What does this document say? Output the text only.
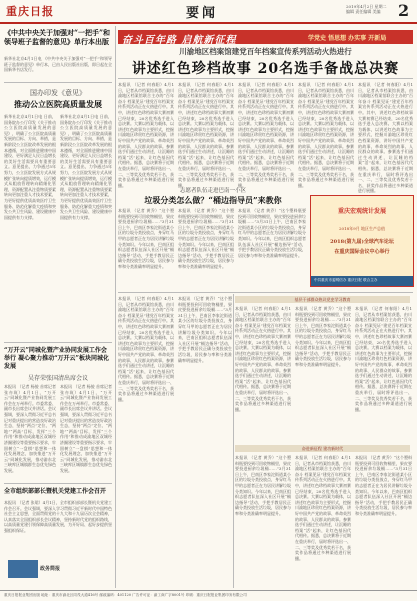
重庆日报	要闻	2019年4月2日 星期二
编辑 责任编辑 美编	2
《中共中央关于加强对“一把手”和领导班子监督的意见》单行本出版
新华社北京4月1日电 《中共中央关于加强对“一把手”和领导班子监督的意见》单行本，已由人民出版社出版，即日起在全国新华书店发行。
国办印发《意见》
推动公立医院高质量发展
新华社北京4月1日电 日前，国务院办公厅印发《关于推动公立医院高质量发展的意见》，明确了公立医院高质量发展的目标、方向、举措，是新阶段公立医院改革发展的根本遵循，对全面推进健康中国建设、更好满足人民日益增长的美好生活需要具有重要意义。意见提出，力争通过5年努力，公立医院发展方式从规模扩张转向提质增效，运行模式从粗放管理转向精细化管理，资源配置从注重物质要素转向更加注重人才技术要素，为更好提供优质高效医疗卫生服务、防范化解重大疫情和突发公共卫生风险、建设健康中国提供有力支撑。
新华社北京4月1日电 日前，国务院办公厅印发《关于推动公立医院高质量发展的意见》，明确了公立医院高质量发展的目标、方向、举措，是新阶段公立医院改革发展的根本遵循，对全面推进健康中国建设、更好满足人民日益增长的美好生活需要具有重要意义。意见提出，力争通过5年努力，公立医院发展方式从规模扩张转向提质增效，运行模式从粗放管理转向精细化管理，资源配置从注重物质要素转向更加注重人才技术要素，为更好提供优质高效医疗卫生服务、防范化解重大疫情和突发公共卫生风险、建设健康中国提供有力支撑。
“万开云”同城化暨产业协同发展工作会举行 凝心聚力推动“万开云”板块同城化发展
吴存荣张国清出席会议
本报讯 （记者 杨骏 首席记者 张亦筑）4月1日，“万开云”同城化暨产业协同发展工作会在万州举行。市委常委、副市长出席会议并讲话。会议强调，要深入贯彻习近平总书记对重庆提出的营造良好政治生态，坚持“两点”定位、“两地”“两高”目标，发挥“三个作用”和推动成渝地区双城经济圈建设等重要指示要求，牢固树立“一盘棋”思想和一体化发展理念，加快推进“万开云”同城化发展，推动渝东北三峡库区城镇群生态优先绿色发展。
本报讯 （记者 杨骏 首席记者 张亦筑）4月1日，“万开云”同城化暨产业协同发展工作会在万州举行。市委常委、副市长出席会议并讲话。会议强调，要深入贯彻习近平总书记对重庆提出的营造良好政治生态，坚持“两点”定位、“两地”“两高”目标，发挥“三个作用”和推动成渝地区双城经济圈建设等重要指示要求，牢固树立“一盘棋”思想和一体化发展理念，加快推进“万开云”同城化发展，推动渝东北三峡库区城镇群生态优先绿色发展。
全市组织部部长暨机关党建工作会召开
本报讯 （记者 张珺）4月1日，全市组织部部长暨机关党建工作会召开。会议强调，要深入学习贯彻习近平新时代中国特色社会主义思想，全面贯彻党的十九大和十九届历次全会精神，认真落实全国组织部长会议精神，坚持新时代党的组织路线，以高质量党建引领保障高质量发展，为开好局、起好步提供坚强组织保证。
政务简报
奋斗百年路 启航新征程	学党史 悟思想 办实事 开新局
川渝地区档案馆建党百年档案宣传系列活动火热进行
讲述红色珍档故事 20名选手备战总决赛
本报讯 （记者 何春阳）4月1日，记者从市档案馆获悉，由川渝地区档案馆联合主办的“百年奋斗 档案见证”建党百年档案宣传系列活动正在火热进行中。其中，讲述红色珍档故事大赛初赛已经结束，20名优秀选手进入总决赛。大赛以档案为载体，以讲述红色故事为主要形式，挖掘川渝地区珍贵红色档案资源，讲好中国共产党的故事、革命英烈的故事、人民群众的故事。参赛选手们通过生动讲述，让沉睡的档案“活”起来，让红色基因代代相传。据悉，总决赛将于近期在重庆举行，届时将评选出一、二、三等奖及优秀奖若干名，获奖作品将通过多种渠道进行展播。
本报讯 （记者 何春阳）4月1日，记者从市档案馆获悉，由川渝地区档案馆联合主办的“百年奋斗 档案见证”建党百年档案宣传系列活动正在火热进行中。其中，讲述红色珍档故事大赛初赛已经结束，20名优秀选手进入总决赛。大赛以档案为载体，以讲述红色故事为主要形式，挖掘川渝地区珍贵红色档案资源，讲好中国共产党的故事、革命英烈的故事、人民群众的故事。参赛选手们通过生动讲述，让沉睡的档案“活”起来，让红色基因代代相传。据悉，总决赛将于近期在重庆举行，届时将评选出一、二、三等奖及优秀奖若干名，获奖作品将通过多种渠道进行展播。
本报讯 （记者 何春阳）4月1日，记者从市档案馆获悉，由川渝地区档案馆联合主办的“百年奋斗 档案见证”建党百年档案宣传系列活动正在火热进行中。其中，讲述红色珍档故事大赛初赛已经结束，20名优秀选手进入总决赛。大赛以档案为载体，以讲述红色故事为主要形式，挖掘川渝地区珍贵红色档案资源，讲好中国共产党的故事、革命英烈的故事、人民群众的故事。参赛选手们通过生动讲述，让沉睡的档案“活”起来，让红色基因代代相传。据悉，总决赛将于近期在重庆举行，届时将评选出一、二、三等奖及优秀奖若干名，获奖作品将通过多种渠道进行展播。
本报讯 （记者 何春阳）4月1日，记者从市档案馆获悉，由川渝地区档案馆联合主办的“百年奋斗 档案见证”建党百年档案宣传系列活动正在火热进行中。其中，讲述红色珍档故事大赛初赛已经结束，20名优秀选手进入总决赛。大赛以档案为载体，以讲述红色故事为主要形式，挖掘川渝地区珍贵红色档案资源，讲好中国共产党的故事、革命英烈的故事、人民群众的故事。参赛选手们通过生动讲述，让沉睡的档案“活”起来，让红色基因代代相传。据悉，总决赛将于近期在重庆举行，届时将评选出一、二、三等奖及优秀奖若干名，获奖作品将通过多种渠道进行展播。
本报讯 （记者 何春阳）4月1日，记者从市档案馆获悉，由川渝地区档案馆联合主办的“百年奋斗 档案见证”建党百年档案宣传系列活动正在火热进行中。其中，讲述红色珍档故事大赛初赛已经结束，20名优秀选手进入总决赛。大赛以档案为载体，以讲述红色故事为主要形式，挖掘川渝地区珍贵红色档案资源，讲好中国共产党的故事、革命英烈的故事、人民群众的故事。参赛选手们通过生动讲述，让沉睡的档案“活”起来，让红色基因代代相传。据悉，总决赛将于近期在重庆举行，届时将评选出一、二、三等奖及优秀奖若干名，获奖作品将通过多种渠道进行展播。
志愿者队伍走进巴南一小区
垃圾分类怎么做？“桶边指导员”来教你
本报讯 （记者 黄乔）“这个塑料瓶要投到可回收物桶里，果皮要投进厨余垃圾桶……”3月31日上午，巴南区李家沱街道某小区的垃圾分类投放点，身穿红马甲的志愿者正在为居民讲解垃圾分类知识。今年以来，巴南区组织志愿者队伍深入社区开展“桶边指导”活动，手把手教居民正确分类投放生活垃圾，居民参与率和分类准确率明显提升。
本报讯 （记者 黄乔）“这个塑料瓶要投到可回收物桶里，果皮要投进厨余垃圾桶……”3月31日上午，巴南区李家沱街道某小区的垃圾分类投放点，身穿红马甲的志愿者正在为居民讲解垃圾分类知识。今年以来，巴南区组织志愿者队伍深入社区开展“桶边指导”活动，手把手教居民正确分类投放生活垃圾，居民参与率和分类准确率明显提升。
本报讯 （记者 黄乔）“这个塑料瓶要投到可回收物桶里，果皮要投进厨余垃圾桶……”3月31日上午，巴南区李家沱街道某小区的垃圾分类投放点，身穿红马甲的志愿者正在为居民讲解垃圾分类知识。今年以来，巴南区组织志愿者队伍深入社区开展“桶边指导”活动，手把手教居民正确分类投放生活垃圾，居民参与率和分类准确率明显提升。
重庆宏观统计发展
2018年9月 地区生产总值
2018(第九届)全球汽车论坛
在重庆国际会议中心举行
中共重庆市委网信办 重庆日报 联合主办
本报讯 （记者 何春阳）4月1日，记者从市档案馆获悉，由川渝地区档案馆联合主办的“百年奋斗 档案见证”建党百年档案宣传系列活动正在火热进行中。其中，讲述红色珍档故事大赛初赛已经结束，20名优秀选手进入总决赛。大赛以档案为载体，以讲述红色故事为主要形式，挖掘川渝地区珍贵红色档案资源，讲好中国共产党的故事、革命英烈的故事、人民群众的故事。参赛选手们通过生动讲述，让沉睡的档案“活”起来，让红色基因代代相传。据悉，总决赛将于近期在重庆举行，届时将评选出一、二、三等奖及优秀奖若干名，获奖作品将通过多种渠道进行展播。
本报讯 （记者 黄乔）“这个塑料瓶要投到可回收物桶里，果皮要投进厨余垃圾桶……”3月31日上午，巴南区李家沱街道某小区的垃圾分类投放点，身穿红马甲的志愿者正在为居民讲解垃圾分类知识。今年以来，巴南区组织志愿者队伍深入社区开展“桶边指导”活动，手把手教居民正确分类投放生活垃圾，居民参与率和分类准确率明显提升。
基层干部群众热议党史学习教育
本报讯 （记者 何春阳）4月1日，记者从市档案馆获悉，由川渝地区档案馆联合主办的“百年奋斗 档案见证”建党百年档案宣传系列活动正在火热进行中。其中，讲述红色珍档故事大赛初赛已经结束，20名优秀选手进入总决赛。大赛以档案为载体，以讲述红色故事为主要形式，挖掘川渝地区珍贵红色档案资源，讲好中国共产党的故事、革命英烈的故事、人民群众的故事。参赛选手们通过生动讲述，让沉睡的档案“活”起来，让红色基因代代相传。据悉，总决赛将于近期在重庆举行，届时将评选出一、二、三等奖及优秀奖若干名，获奖作品将通过多种渠道进行展播。
本报讯 （记者 黄乔）“这个塑料瓶要投到可回收物桶里，果皮要投进厨余垃圾桶……”3月31日上午，巴南区李家沱街道某小区的垃圾分类投放点，身穿红马甲的志愿者正在为居民讲解垃圾分类知识。今年以来，巴南区组织志愿者队伍深入社区开展“桶边指导”活动，手把手教居民正确分类投放生活垃圾，居民参与率和分类准确率明显提升。
本报讯 （记者 何春阳）4月1日，记者从市档案馆获悉，由川渝地区档案馆联合主办的“百年奋斗 档案见证”建党百年档案宣传系列活动正在火热进行中。其中，讲述红色珍档故事大赛初赛已经结束，20名优秀选手进入总决赛。大赛以档案为载体，以讲述红色故事为主要形式，挖掘川渝地区珍贵红色档案资源，讲好中国共产党的故事、革命英烈的故事、人民群众的故事。参赛选手们通过生动讲述，让沉睡的档案“活”起来，让红色基因代代相传。据悉，总决赛将于近期在重庆举行，届时将评选出一、二、三等奖及优秀奖若干名，获奖作品将通过多种渠道进行展播。
奋进新征程 建功新时代
本报讯 （记者 黄乔）“这个塑料瓶要投到可回收物桶里，果皮要投进厨余垃圾桶……”3月31日上午，巴南区李家沱街道某小区的垃圾分类投放点，身穿红马甲的志愿者正在为居民讲解垃圾分类知识。今年以来，巴南区组织志愿者队伍深入社区开展“桶边指导”活动，手把手教居民正确分类投放生活垃圾，居民参与率和分类准确率明显提升。
本报讯 （记者 何春阳）4月1日，记者从市档案馆获悉，由川渝地区档案馆联合主办的“百年奋斗 档案见证”建党百年档案宣传系列活动正在火热进行中。其中，讲述红色珍档故事大赛初赛已经结束，20名优秀选手进入总决赛。大赛以档案为载体，以讲述红色故事为主要形式，挖掘川渝地区珍贵红色档案资源，讲好中国共产党的故事、革命英烈的故事、人民群众的故事。参赛选手们通过生动讲述，让沉睡的档案“活”起来，让红色基因代代相传。据悉，总决赛将于近期在重庆举行，届时将评选出一、二、三等奖及优秀奖若干名，获奖作品将通过多种渠道进行展播。
本报讯 （记者 黄乔）“这个塑料瓶要投到可回收物桶里，果皮要投进厨余垃圾桶……”3月31日上午，巴南区李家沱街道某小区的垃圾分类投放点，身穿红马甲的志愿者正在为居民讲解垃圾分类知识。今年以来，巴南区组织志愿者队伍深入社区开展“桶边指导”活动，手把手教居民正确分类投放生活垃圾，居民参与率和分类准确率明显提升。
重庆日报报业集团出版 地址：重庆市渝北区同茂大道416号 邮政编码：401120 广告许可证：渝工商广字8001号 印刷：重庆日报报业集团印务有限公司
